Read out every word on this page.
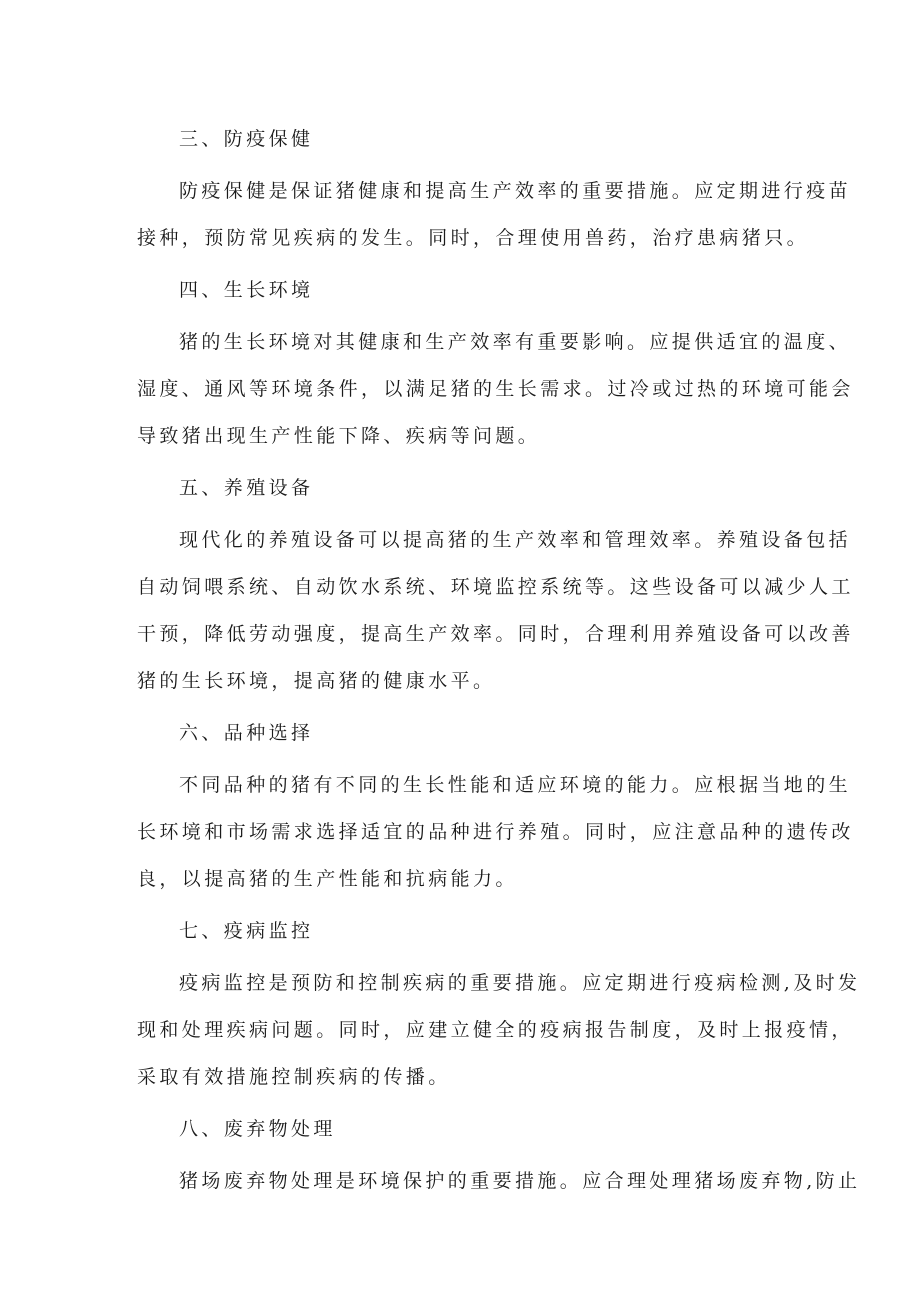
三、防疫保健

防疫保健是保证猪健康和提高生产效率的重要措施。应定期进行疫苗

接种，预防常见疾病的发生。同时，合理使用兽药，治疗患病猪只。

四、生长环境

猪的生长环境对其健康和生产效率有重要影响。应提供适宜的温度、

湿度、通风等环境条件，以满足猪的生长需求。过冷或过热的环境可能会

导致猪出现生产性能下降、疾病等问题。

五、养殖设备

现代化的养殖设备可以提高猪的生产效率和管理效率。养殖设备包括

自动饲喂系统、自动饮水系统、环境监控系统等。这些设备可以减少人工

干预，降低劳动强度，提高生产效率。同时，合理利用养殖设备可以改善

猪的生长环境，提高猪的健康水平。

六、品种选择

不同品种的猪有不同的生长性能和适应环境的能力。应根据当地的生

长环境和市场需求选择适宜的品种进行养殖。同时，应注意品种的遗传改

良，以提高猪的生产性能和抗病能力。

七、疫病监控

疫病监控是预防和控制疾病的重要措施。应定期进行疫病检测,及时发

现和处理疾病问题。同时，应建立健全的疫病报告制度，及时上报疫情，

采取有效措施控制疾病的传播。

八、废弃物处理

猪场废弃物处理是环境保护的重要措施。应合理处理猪场废弃物,防止
